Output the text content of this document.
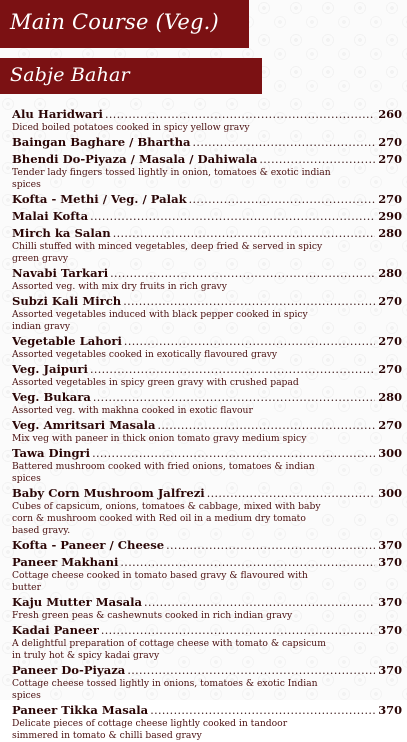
Main Course (Veg.)
Sabje Bahar
Alu Haridwari .....	260
Diced boiled potatoes cooked in spicy yellow gravy
Baingan Baghare / Bhartha .....	270
Bhendi Do-Piyaza / Masala / Dahiwala .....	270
Tender lady fingers tossed lightly in onion, tomatoes & exotic indian spices
Kofta - Methi / Veg. / Palak .....	270
Malai Kofta .....	290
Mirch ka Salan .....	280
Chilli stuffed with minced vegetables, deep fried & served in spicy green gravy
Navabi Tarkari .....	280
Assorted veg. with mix dry fruits in rich gravy
Subzi Kali Mirch .....	270
Assorted vegetables induced with black pepper cooked in spicy indian gravy
Vegetable Lahori .....	270
Assorted vegetables cooked in exotically flavoured gravy
Veg. Jaipuri .....	270
Assorted vegetables in spicy green gravy with crushed papad
Veg. Bukara .....	280
Assorted veg. with makhna cooked in exotic flavour
Veg. Amritsari Masala .....	270
Mix veg with paneer in thick onion tomato gravy medium spicy
Tawa Dingri .....	300
Battered mushroom cooked with fried onions, tomatoes & indian spices
Baby Corn Mushroom Jalfrezi .....	300
Cubes of capsicum, onions, tomatoes & cabbage, mixed with baby corn & mushroom cooked with Red oil in a medium dry tomato based gravy.
Kofta - Paneer / Cheese .....	370
Paneer Makhani .....	370
Cottage cheese cooked in tomato based gravy & flavoured with butter
Kaju Mutter Masala .....	370
Fresh green peas & cashewnuts cooked in rich indian gravy
Kadai Paneer .....	370
A delightful preparation of cottage cheese with tomato & capsicum in truly hot & spicy kadai gravy
Paneer Do-Piyaza .....	370
Cottage cheese tossed lightly in onions, tomatoes & exotic Indian spices
Paneer Tikka Masala .....	370
Delicate pieces of cottage cheese lightly cooked in tandoor simmered in tomato & chilli based gravy
